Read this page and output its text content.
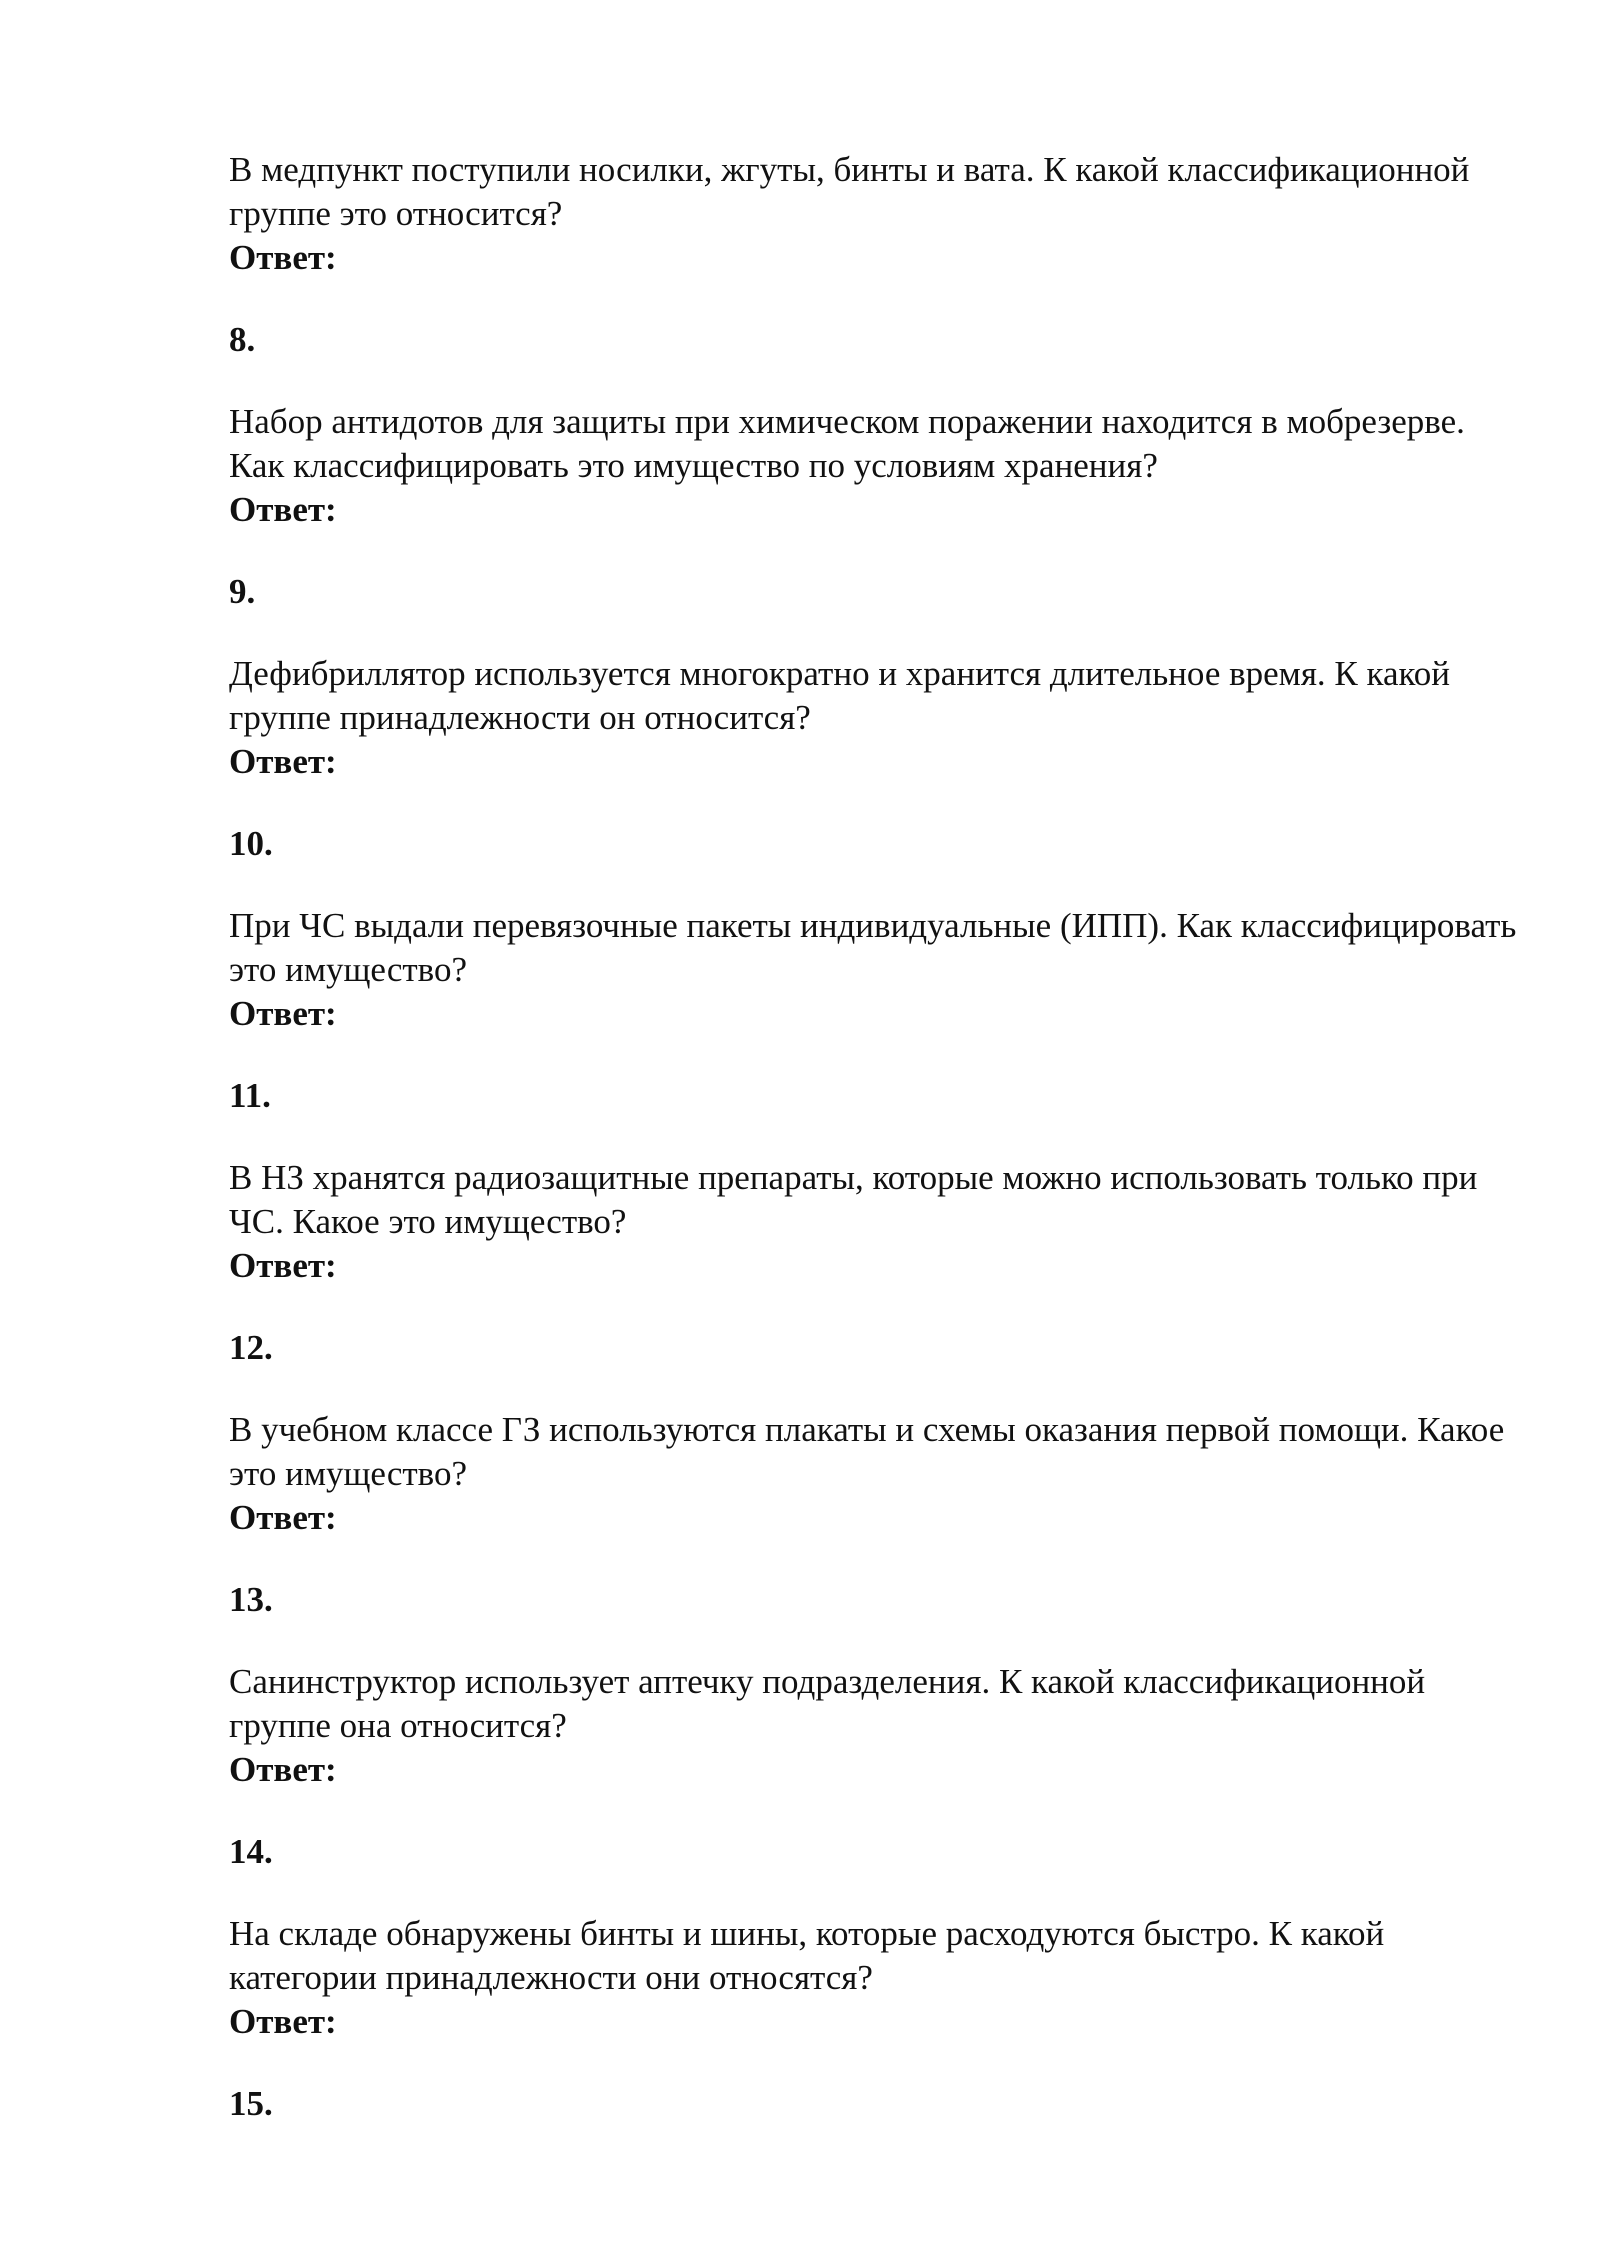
В медпункт поступили носилки, жгуты, бинты и вата. К какой классификационной группе это относится?

Ответ:

8.

Набор антидотов для защиты при химическом поражении находится в мобрезерве. Как классифицировать это имущество по условиям хранения?

Ответ:

9.

Дефибриллятор используется многократно и хранится длительное время. К какой группе принадлежности он относится?

Ответ:

10.

При ЧС выдали перевязочные пакеты индивидуальные (ИПП). Как классифицировать это имущество?

Ответ:

11.

В НЗ хранятся радиозащитные препараты, которые можно использовать только при ЧС. Какое это имущество?

Ответ:

12.

В учебном классе ГЗ используются плакаты и схемы оказания первой помощи. Какое это имущество?

Ответ:

13.

Санинструктор использует аптечку подразделения. К какой классификационной группе она относится?

Ответ:

14.

На складе обнаружены бинты и шины, которые расходуются быстро. К какой категории принадлежности они относятся?

Ответ:

15.
